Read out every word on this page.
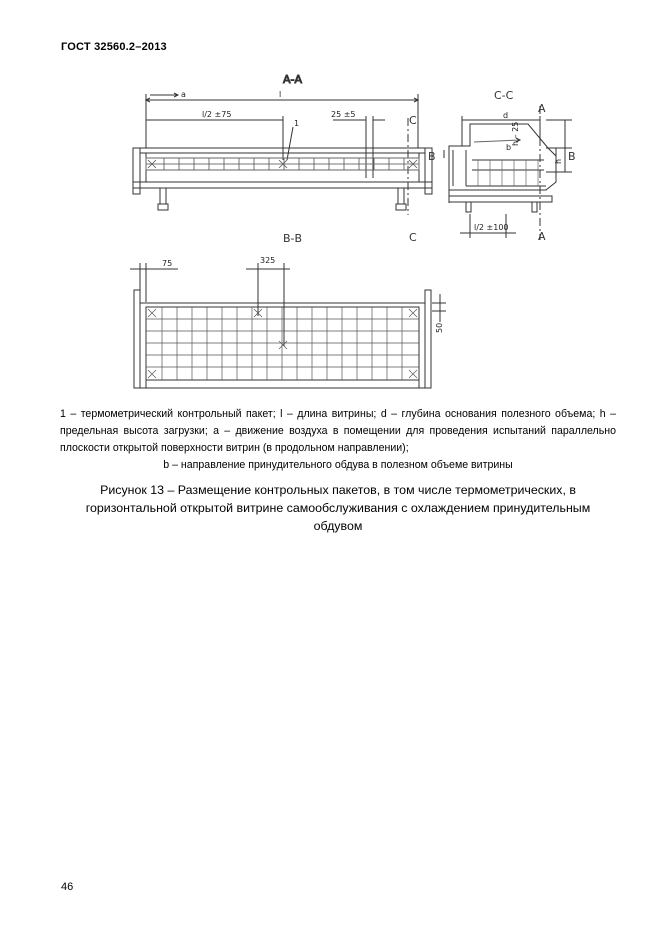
ГОСТ 32560.2–2013
А-А
a	l
l/2 ±75	25 ±5
1	С
С
С-С
d
h – 25
h
b
l/2 ±100
В	В
А
А
В-В
75	325
50
1 – термометрический контрольный пакет; l – длина витрины; d – глубина основания полезного объема; h – предельная высота загрузки; a – движение воздуха в помещении для проведения испытаний параллельно плоскости открытой поверхности витрин (в продольном направлении);
b – направление принудительного обдува в полезном объеме витрины
Рисунок 13 – Размещение контрольных пакетов, в том числе термометрических, в горизонтальной открытой витрине самообслуживания с охлаждением принудительным обдувом
46
